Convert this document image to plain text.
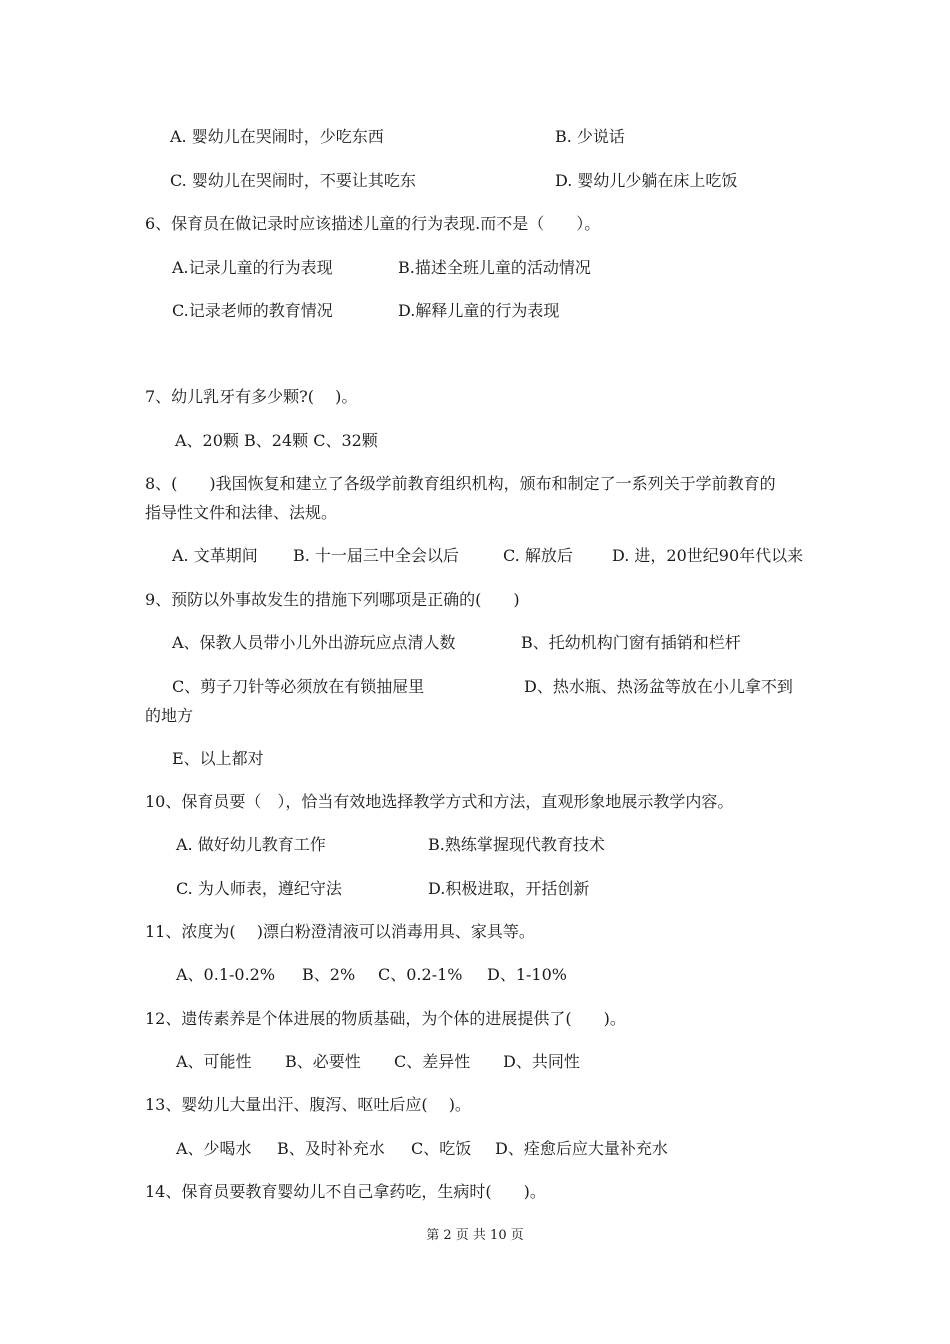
A. 婴幼儿在哭闹时，少吃东西	B. 少说话
C. 婴幼儿在哭闹时，不要让其吃东	D. 婴幼儿少躺在床上吃饭
6、保育员在做记录时应该描述儿童的行为表现.而不是（　　）。
A.记录儿童的行为表现	B.描述全班儿童的活动情况
C.记录老师的教育情况	D.解释儿童的行为表现
7、幼儿乳牙有多少颗?(　 )。
A、20颗 B、24颗 C、32颗
8、(　　)我国恢复和建立了各级学前教育组织机构，颁布和制定了一系列关于学前教育的
指导性文件和法律、法规。
A. 文革期间 B. 十一届三中全会以后	C. 解放后 D. 进，20世纪90年代以来
9、预防以外事故发生的措施下列哪项是正确的(　　)
A、保教人员带小儿外出游玩应点清人数	B、托幼机构门窗有插销和栏杆
C、剪子刀针等必须放在有锁抽屉里	D、热水瓶、热汤盆等放在小儿拿不到
的地方
E、以上都对
10、保育员要（　），恰当有效地选择教学方式和方法，直观形象地展示教学内容。
A. 做好幼儿教育工作	B.熟练掌握现代教育技术
C. 为人师表，遵纪守法	D.积极进取，开括创新
11、浓度为(　 )漂白粉澄清液可以消毒用具、家具等。
A、0.1-0.2% B、2% C、0.2-1% D、1-10%
12、遗传素养是个体进展的物质基础，为个体的进展提供了(　　)。
A、可能性 B、必要性 C、差异性 D、共同性
13、婴幼儿大量出汗、腹泻、呕吐后应(　 )。
A、少喝水 B、及时补充水 C、吃饭 D、痊愈后应大量补充水
14、保育员要教育婴幼儿不自己拿药吃，生病时(　　)。
第 2 页 共 10 页
